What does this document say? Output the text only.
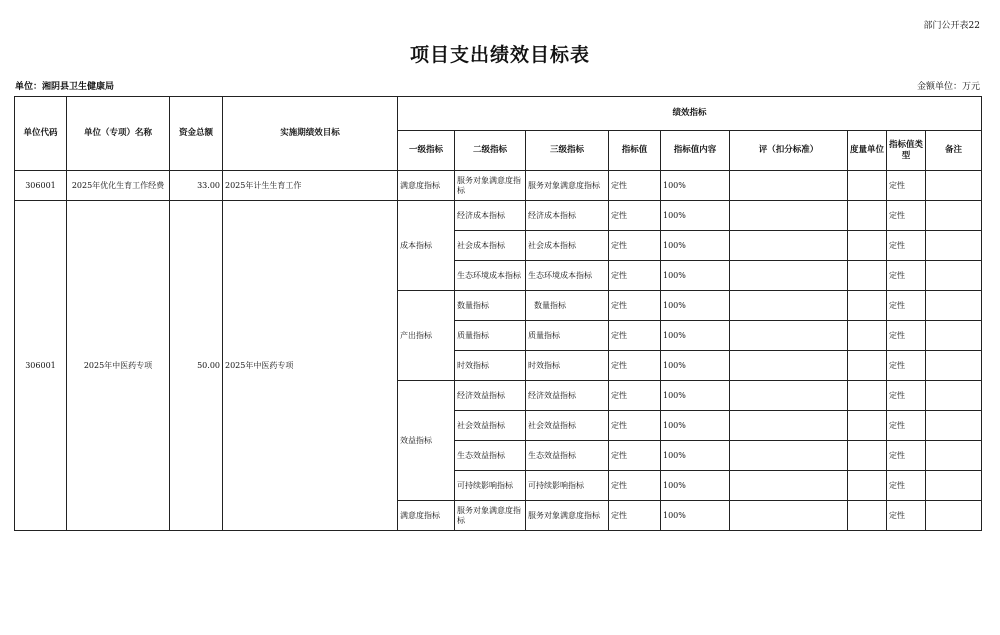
部门公开表22
项目支出绩效目标表
单位：湘阴县卫生健康局	金额单位：万元
单位代码	单位（专项）名称	资金总额	实施期绩效目标	绩效指标								
				一级指标	二级指标	三级指标	指标值	指标值内容	评（扣分标准）	度量单位	指标值类型	备注
306001	2025年优化生育工作经费	33.00	2025年计生生育工作	满意度指标	服务对象满意度指标	服务对象满意度指标	定性	100%			定性	
306001	2025年中医药专项	50.00	2025年中医药专项	成本指标	经济成本指标	经济成本指标	定性	100%			定性	
					社会成本指标	社会成本指标	定性	100%			定性	
					生态环境成本指标	生态环境成本指标	定性	100%			定性	
				产出指标	数量指标	数量指标	定性	100%			定性	
					质量指标	质量指标	定性	100%			定性	
					时效指标	时效指标	定性	100%			定性	
				效益指标	经济效益指标	经济效益指标	定性	100%			定性	
					社会效益指标	社会效益指标	定性	100%			定性	
					生态效益指标	生态效益指标	定性	100%			定性	
					可持续影响指标	可持续影响指标	定性	100%			定性	
				满意度指标	服务对象满意度指标	服务对象满意度指标	定性	100%			定性	
